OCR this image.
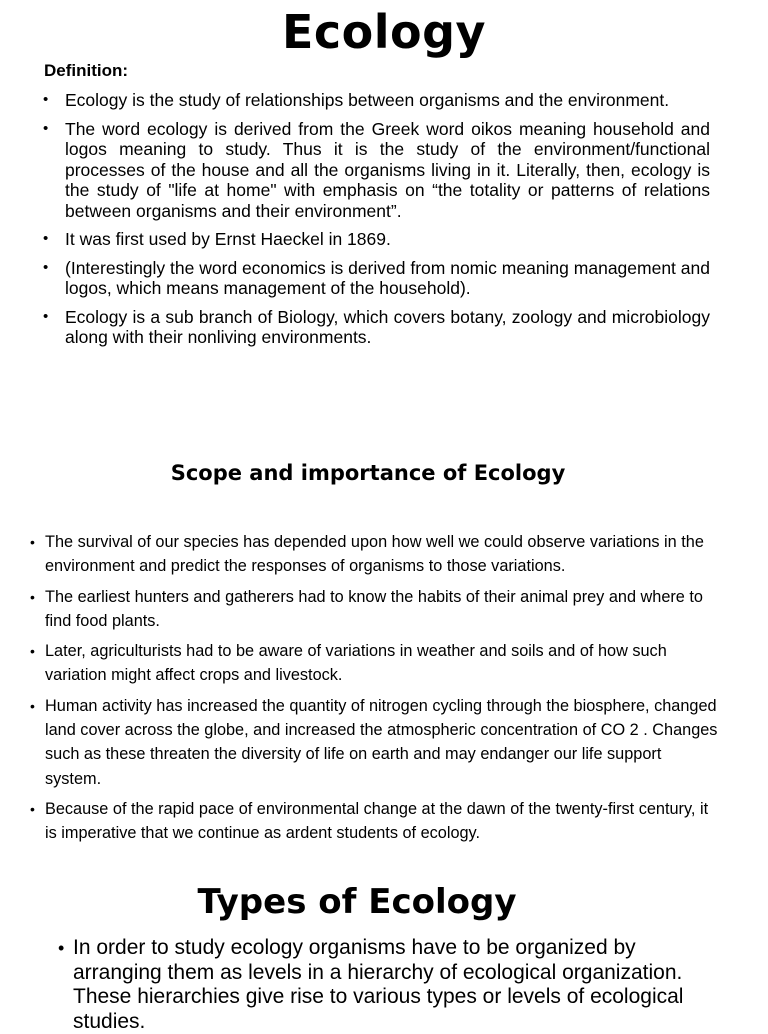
Ecology

Definition:

• Ecology is the study of relationships between organisms and the environment.
• The word ecology is derived from the Greek word oikos meaning household and logos meaning to study. Thus it is the study of the environment/functional processes of the house and all the organisms living in it. Literally, then, ecology is the study of "life at home" with emphasis on “the totality or patterns of relations between organisms and their environment”.
• It was first used by Ernst Haeckel in 1869.
• (Interestingly the word economics is derived from nomic meaning management and logos, which means management of the household).
• Ecology is a sub branch of Biology, which covers botany, zoology and microbiology along with their nonliving environments.
Scope and importance of Ecology
• The survival of our species has depended upon how well we could observe variations in the environment and predict the responses of organisms to those variations.
• The earliest hunters and gatherers had to know the habits of their animal prey and where to find food plants.
• Later, agriculturists had to be aware of variations in weather and soils and of how such variation might affect crops and livestock.
• Human activity has increased the quantity of nitrogen cycling through the biosphere, changed land cover across the globe, and increased the atmospheric concentration of CO 2 . Changes such as these threaten the diversity of life on earth and may endanger our life support system.
• Because of the rapid pace of environmental change at the dawn of the twenty-first century, it is imperative that we continue as ardent students of ecology.
Types of Ecology
• In order to study ecology organisms have to be organized by arranging them as levels in a hierarchy of ecological organization. These hierarchies give rise to various types or levels of ecological studies.
